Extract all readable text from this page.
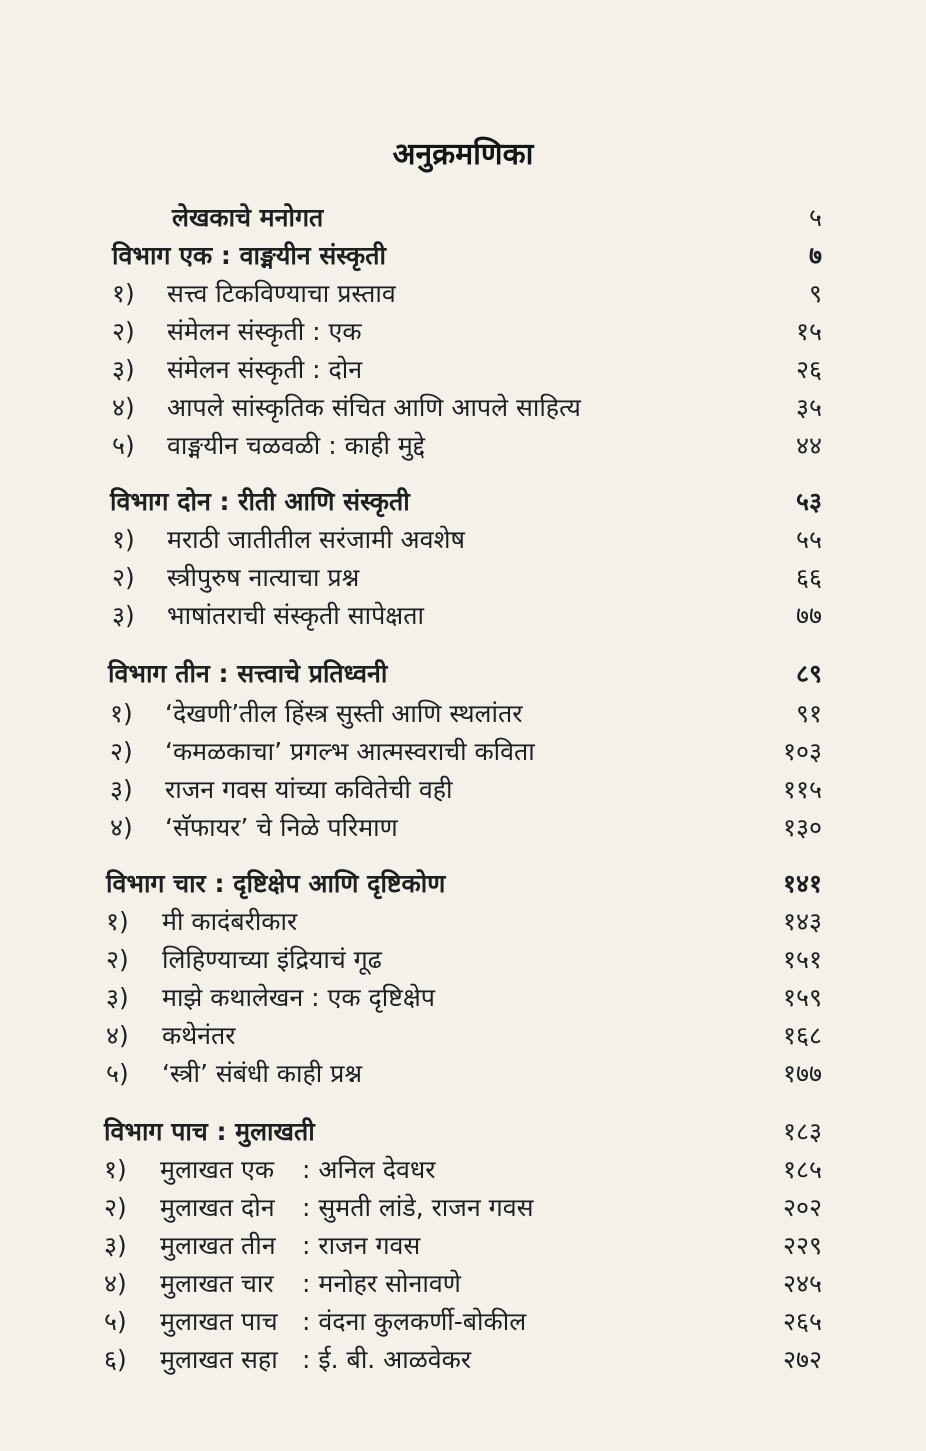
अनुक्रमणिका
लेखकाचे मनोगत	५
विभाग एक : वाङ्मयीन संस्कृती	७
१)	सत्त्व टिकविण्याचा प्रस्ताव	९
२)	संमेलन संस्कृती : एक	१५
३)	संमेलन संस्कृती : दोन	२६
४)	आपले सांस्कृतिक संचित आणि आपले साहित्य	३५
५)	वाङ्मयीन चळवळी : काही मुद्दे	४४
विभाग दोन : रीती आणि संस्कृती	५३
१)	मराठी जातीतील सरंजामी अवशेष	५५
२)	स्त्रीपुरुष नात्याचा प्रश्न	६६
३)	भाषांतराची संस्कृती सापेक्षता	७७
विभाग तीन : सत्त्वाचे प्रतिध्वनी	८९
१)	‘देखणी’तील हिंस्त्र सुस्ती आणि स्थलांतर	९१
२)	‘कमळकाचा’ प्रगल्भ आत्मस्वराची कविता	१०३
३)	राजन गवस यांच्या कवितेची वही	११५
४)	‘सॅफायर’ चे निळे परिमाण	१३०
विभाग चार : दृष्टिक्षेप आणि दृष्टिकोण	१४१
१)	मी कादंबरीकार	१४३
२)	लिहिण्याच्या इंद्रियाचं गूढ	१५१
३)	माझे कथालेखन : एक दृष्टिक्षेप	१५९
४)	कथेनंतर	१६८
५)	‘स्त्री’ संबंधी काही प्रश्न	१७७
विभाग पाच : मुलाखती	१८३
१)	मुलाखत एक : अनिल देवधर	१८५
२)	मुलाखत दोन : सुमती लांडे, राजन गवस	२०२
३)	मुलाखत तीन : राजन गवस	२२९
४)	मुलाखत चार : मनोहर सोनावणे	२४५
५)	मुलाखत पाच : वंदना कुलकर्णी-बोकील	२६५
६)	मुलाखत सहा : ई. बी. आळवेकर	२७२
